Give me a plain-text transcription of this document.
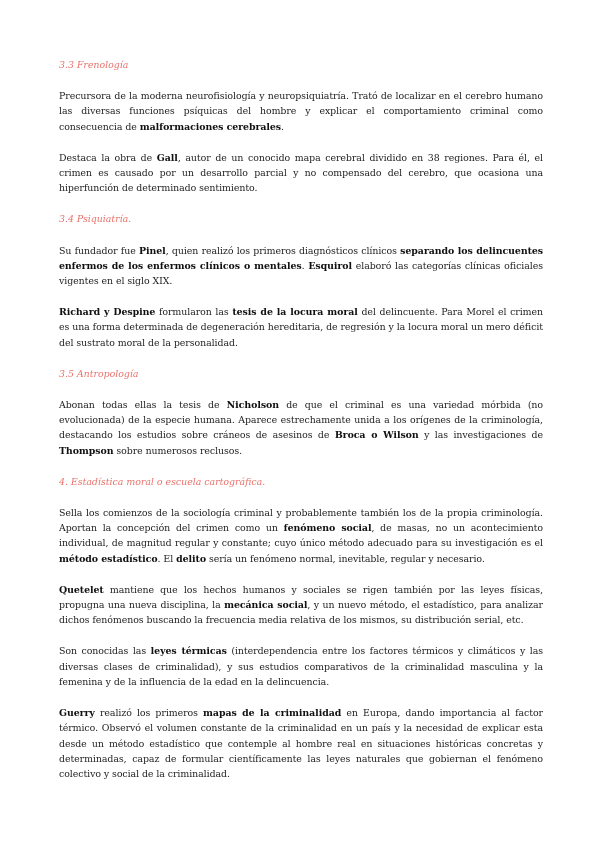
3.3 Frenología

Precursora de la moderna neurofisiología y neuropsiquiatría. Trató de localizar en el cerebro humano las diversas funciones psíquicas del hombre y explicar el comportamiento criminal como consecuencia de malformaciones cerebrales.

Destaca la obra de Gall, autor de un conocido mapa cerebral dividido en 38 regiones. Para él, el crimen es causado por un desarrollo parcial y no compensado del cerebro, que ocasiona una hiperfunción de determinado sentimiento.

3.4 Psiquiatría.

Su fundador fue Pinel, quien realizó los primeros diagnósticos clínicos separando los delincuentes enfermos de los enfermos clínicos o mentales. Esquirol elaboró las categorías clínicas oficiales vigentes en el siglo XIX.

Richard y Despine formularon las tesis de la locura moral del delincuente. Para Morel el crimen es una forma determinada de degeneración hereditaria, de regresión y la locura moral un mero déficit del sustrato moral de la personalidad.

3.5 Antropología

Abonan todas ellas la tesis de Nicholson de que el criminal es una variedad mórbida (no evolucionada) de la especie humana. Aparece estrechamente unida a los orígenes de la criminología, destacando los estudios sobre cráneos de asesinos de Broca o Wilson y las investigaciones de Thompson sobre numerosos reclusos.

4. Estadística moral o escuela cartográfica.

Sella los comienzos de la sociología criminal y probablemente también los de la propia criminología. Aportan la concepción del crimen como un fenómeno social, de masas, no un acontecimiento individual, de magnitud regular y constante; cuyo único método adecuado para su investigación es el método estadístico. El delito sería un fenómeno normal, inevitable, regular y necesario.

Quetelet mantiene que los hechos humanos y sociales se rigen también por las leyes físicas, propugna una nueva disciplina, la mecánica social, y un nuevo método, el estadístico, para analizar dichos fenómenos buscando la frecuencia media relativa de los mismos, su distribución serial, etc.

Son conocidas las leyes térmicas (interdependencia entre los factores térmicos y climáticos y las diversas clases de criminalidad), y sus estudios comparativos de la criminalidad masculina y la femenina y de la influencia de la edad en la delincuencia.

Guerry realizó los primeros mapas de la criminalidad en Europa, dando importancia al factor térmico. Observó el volumen constante de la criminalidad en un país y la necesidad de explicar esta desde un método estadístico que contemple al hombre real en situaciones históricas concretas y determinadas, capaz de formular científicamente las leyes naturales que gobiernan el fenómeno colectivo y social de la criminalidad.
